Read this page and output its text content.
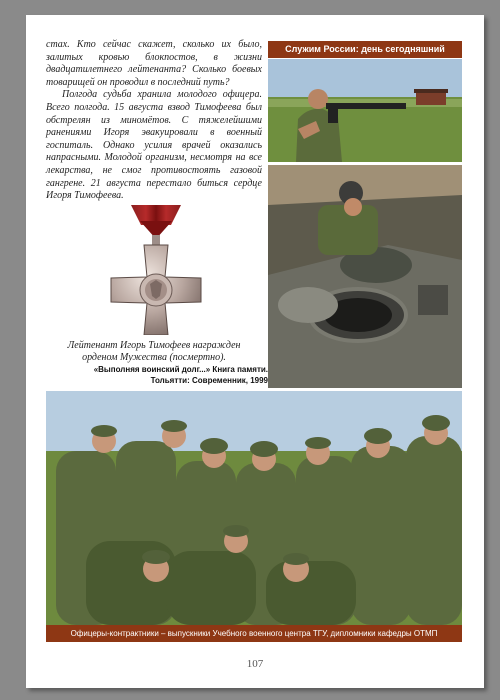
стах. Кто сейчас скажет, сколько их было, залитых кровью блокпостов, в жизни двадцатилетнего лейтенанта? Сколько боевых товарищей он проводил в последний путь?

Полгода судьба хранила молодого офицера. Всего полгода. 15 августа взвод Тимофеева был обстрелян из миномётов. С тяжелейшими ранениями Игоря эвакуировали в военный госпиталь. Однако усилия врачей оказались напрасными. Молодой организм, несмотря на все лекарства, не смог противостоять газовой гангрене. 21 августа перестало биться сердце Игоря Тимофеева.

Лейтенант Игорь Тимофеев награжден орденом Мужества (посмертно).
«Выполняя воинский долг...» Книга памяти.
Тольятти: Современник, 1999
Служим России: день сегодняшний
Офицеры-контрактники – выпускники Учебного военного центра ТГУ, дипломники кафедры ОТМП
107
